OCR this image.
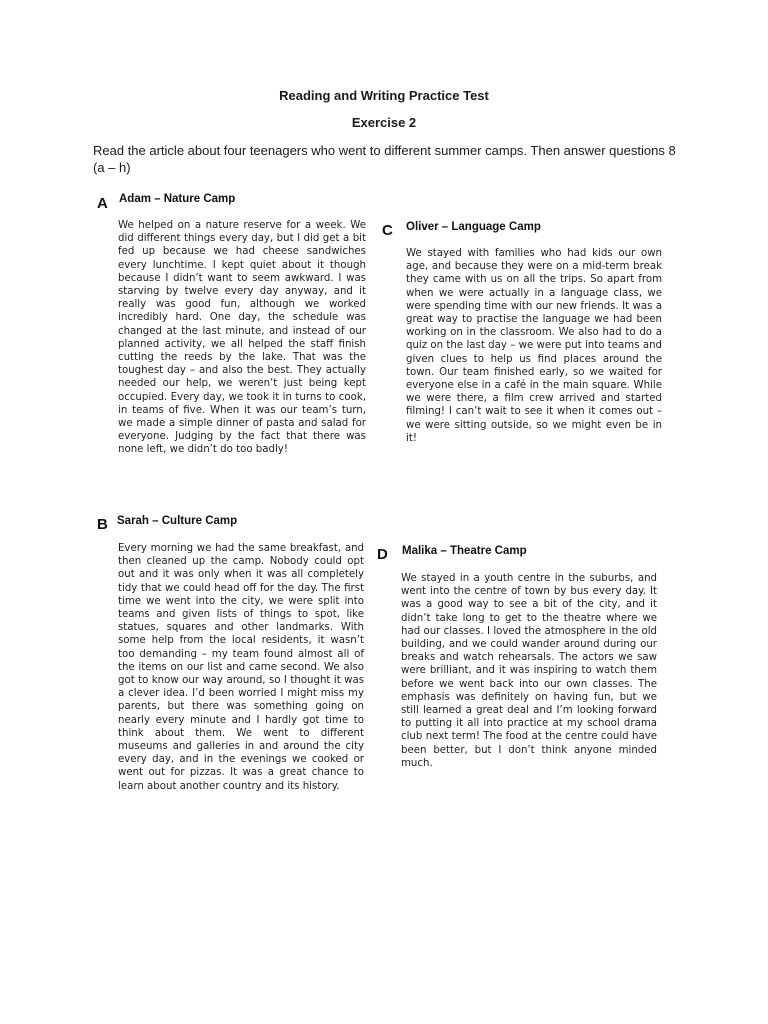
Reading and Writing Practice Test
Exercise 2

Read the article about four teenagers who went to different summer camps. Then answer questions 8 (a – h)

A Adam – Nature Camp

We helped on a nature reserve for a week. We did different things every day, but I did get a bit fed up because we had cheese sandwiches every lunchtime. I kept quiet about it though because I didn’t want to seem awkward. I was starving by twelve every day anyway, and it really was good fun, although we worked incredibly hard. One day, the schedule was changed at the last minute, and instead of our planned activity, we all helped the staff finish cutting the reeds by the lake. That was the toughest day – and also the best. They actually needed our help, we weren’t just being kept occupied. Every day, we took it in turns to cook, in teams of five. When it was our team’s turn, we made a simple dinner of pasta and salad for everyone. Judging by the fact that there was none left, we didn’t do too badly!

C Oliver – Language Camp

We stayed with families who had kids our own age, and because they were on a mid-term break they came with us on all the trips. So apart from when we were actually in a language class, we were spending time with our new friends. It was a great way to practise the language we had been working on in the classroom. We also had to do a quiz on the last day – we were put into teams and given clues to help us find places around the town. Our team finished early, so we waited for everyone else in a café in the main square. While we were there, a film crew arrived and started filming! I can’t wait to see it when it comes out – we were sitting outside, so we might even be in it!

B Sarah – Culture Camp

Every morning we had the same breakfast, and then cleaned up the camp. Nobody could opt out and it was only when it was all completely tidy that we could head off for the day. The first time we went into the city, we were split into teams and given lists of things to spot, like statues, squares and other landmarks. With some help from the local residents, it wasn’t too demanding – my team found almost all of the items on our list and came second. We also got to know our way around, so I thought it was a clever idea. I’d been worried I might miss my parents, but there was something going on nearly every minute and I hardly got time to think about them. We went to different museums and galleries in and around the city every day, and in the evenings we cooked or went out for pizzas. It was a great chance to learn about another country and its history.

D Malika – Theatre Camp

We stayed in a youth centre in the suburbs, and went into the centre of town by bus every day. It was a good way to see a bit of the city, and it didn’t take long to get to the theatre where we had our classes. I loved the atmosphere in the old building, and we could wander around during our breaks and watch rehearsals. The actors we saw were brilliant, and it was inspiring to watch them before we went back into our own classes. The emphasis was definitely on having fun, but we still learned a great deal and I’m looking forward to putting it all into practice at my school drama club next term! The food at the centre could have been better, but I don’t think anyone minded much.
